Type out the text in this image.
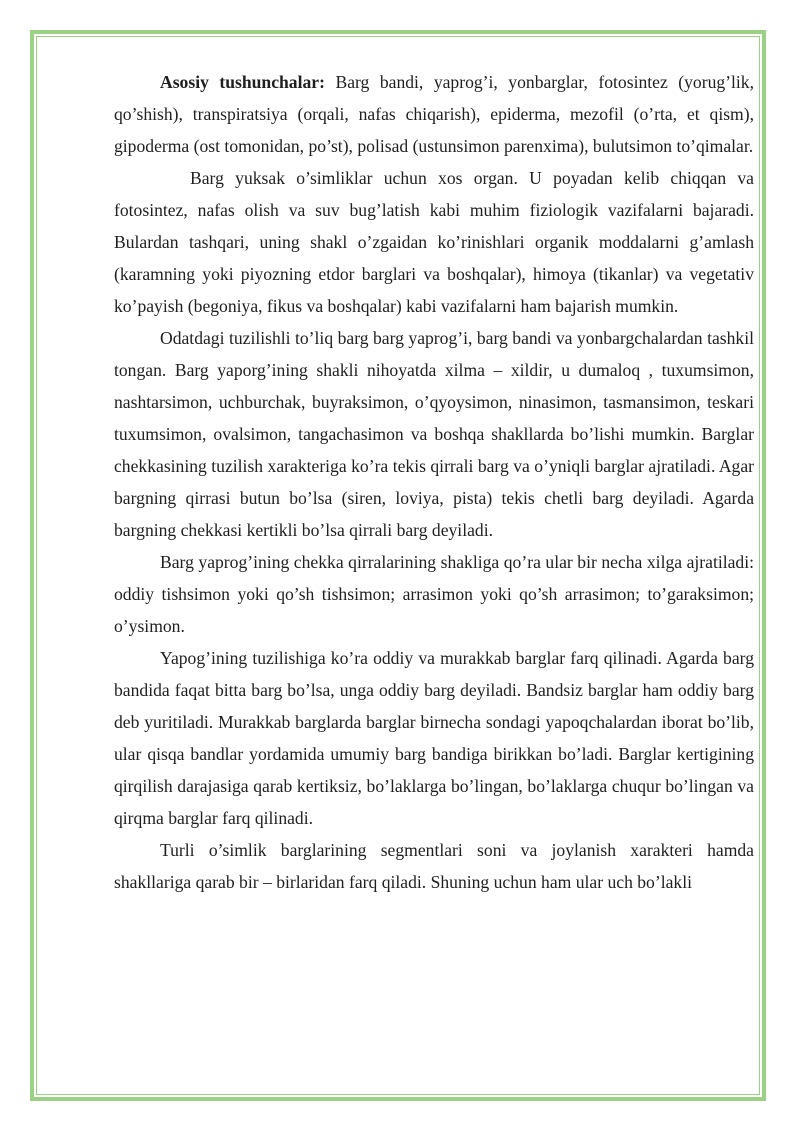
Asosiy tushunchalar: Barg bandi, yaprog’i, yonbarglar, fotosintez (yorug’lik, qo’shish), transpiratsiya (orqali, nafas chiqarish), epiderma, mezofil (o’rta, et qism), gipoderma (ost tomonidan, po’st), polisad (ustunsimon parenxima), bulutsimon to’qimalar.

Barg yuksak o’simliklar uchun xos organ. U poyadan kelib chiqqan va fotosintez, nafas olish va suv bug’latish kabi muhim fiziologik vazifalarni bajaradi. Bulardan tashqari, uning shakl o’zgaidan ko’rinishlari organik moddalarni g’amlash (karamning yoki piyozning etdor barglari va boshqalar), himoya (tikanlar) va vegetativ ko’payish (begoniya, fikus va boshqalar) kabi vazifalarni ham bajarish mumkin.

Odatdagi tuzilishli to’liq barg barg yaprog’i, barg bandi va yonbargchalardan tashkil tongan. Barg yaporg’ining shakli nihoyatda xilma – xildir, u dumaloq , tuxumsimon, nashtarsimon, uchburchak, buyraksimon, o’qyoysimon, ninasimon, tasmansimon, teskari tuxumsimon, ovalsimon, tangachasimon va boshqa shakllarda bo’lishi mumkin. Barglar chekkasining tuzilish xarakteriga ko’ra tekis qirrali barg va o’yniqli barglar ajratiladi. Agar bargning qirrasi butun bo’lsa (siren, loviya, pista) tekis chetli barg deyiladi. Agarda bargning chekkasi kertikli bo’lsa qirrali barg deyiladi.

Barg yaprog’ining chekka qirralarining shakliga qo’ra ular bir necha xilga ajratiladi: oddiy tishsimon yoki qo’sh tishsimon; arrasimon yoki qo’sh arrasimon; to’garaksimon; o’ysimon.

Yapog’ining tuzilishiga ko’ra oddiy va murakkab barglar farq qilinadi. Agarda barg bandida faqat bitta barg bo’lsa, unga oddiy barg deyiladi. Bandsiz barglar ham oddiy barg deb yuritiladi. Murakkab barglarda barglar birnecha sondagi yapoqchalardan iborat bo’lib, ular qisqa bandlar yordamida umumiy barg bandiga birikkan bo’ladi. Barglar kertigining qirqilish darajasiga qarab kertiksiz, bo’laklarga bo’lingan, bo’laklarga chuqur bo’lingan va qirqma barglar farq qilinadi.

Turli o’simlik barglarining segmentlari soni va joylanish xarakteri hamda shakllariga qarab bir – birlaridan farq qiladi. Shuning uchun ham ular uch bo’lakli
